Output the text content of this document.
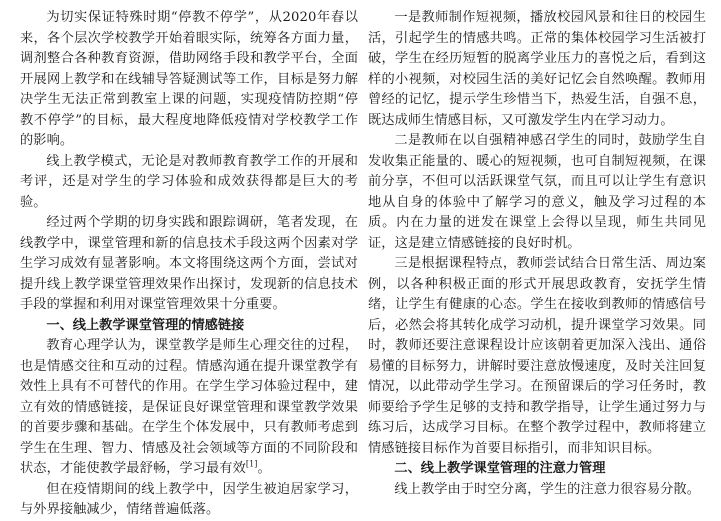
为切实保证特殊时期“停教不停学”，从2020年春以来，各个层次学校教学开始着眼实际，统筹各方面力量，调剂整合各种教育资源，借助网络手段和教学平台，全面开展网上教学和在线辅导答疑测试等工作，目标是努力解决学生无法正常到教室上课的问题，实现疫情防控期“停教不停学”的目标，最大程度地降低疫情对学校教学工作的影响。

线上教学模式，无论是对教师教育教学工作的开展和考评，还是对学生的学习体验和成效获得都是巨大的考验。

经过两个学期的切身实践和跟踪调研，笔者发现，在线教学中，课堂管理和新的信息技术手段这两个因素对学生学习成效有显著影响。本文将围绕这两个方面，尝试对提升线上教学课堂管理效果作出探讨，发现新的信息技术手段的掌握和利用对课堂管理效果十分重要。

一、线上教学课堂管理的情感链接

教育心理学认为，课堂教学是师生心理交往的过程，也是情感交往和互动的过程。情感沟通在提升课堂教学有效性上具有不可替代的作用。在学生学习体验过程中，建立有效的情感链接，是保证良好课堂管理和课堂教学效果的首要步骤和基础。在学生个体发展中，只有教师考虑到学生在生理、智力、情感及社会领域等方面的不同阶段和状态，才能使教学最舒畅，学习最有效[1]。

但在疫情期间的线上教学中，因学生被迫居家学习，与外界接触减少，情绪普遍低落。

一是教师制作短视频，播放校园风景和往日的校园生活，引起学生的情感共鸣。正常的集体校园学习生活被打破，学生在经历短暂的脱离学业压力的喜悦之后，看到这样的小视频，对校园生活的美好记忆会自然唤醒。教师用曾经的记忆，提示学生珍惜当下，热爱生活，自强不息，既达成师生情感目标，又可激发学生内在学习动力。

二是教师在以自强精神感召学生的同时，鼓励学生自发收集正能量的、暖心的短视频，也可自制短视频，在课前分享，不但可以活跃课堂气氛，而且可以让学生有意识地从自身的体验中了解学习的意义，触及学习过程的本质。内在力量的迸发在课堂上会得以呈现，师生共同见证，这是建立情感链接的良好时机。

三是根据课程特点，教师尝试结合日常生活、周边案例，以各种积极正面的形式开展思政教育，安抚学生情绪，让学生有健康的心态。学生在接收到教师的情感信号后，必然会将其转化成学习动机，提升课堂学习效果。同时，教师还要注意课程设计应该朝着更加深入浅出、通俗易懂的目标努力，讲解时要注意放慢速度，及时关注回复情况，以此带动学生学习。在预留课后的学习任务时，教师要给予学生足够的支持和教学指导，让学生通过努力与练习后，达成学习目标。在整个教学过程中，教师将建立情感链接目标作为首要目标指引，而非知识目标。

二、线上教学课堂管理的注意力管理

线上教学由于时空分离，学生的注意力很容易分散。
